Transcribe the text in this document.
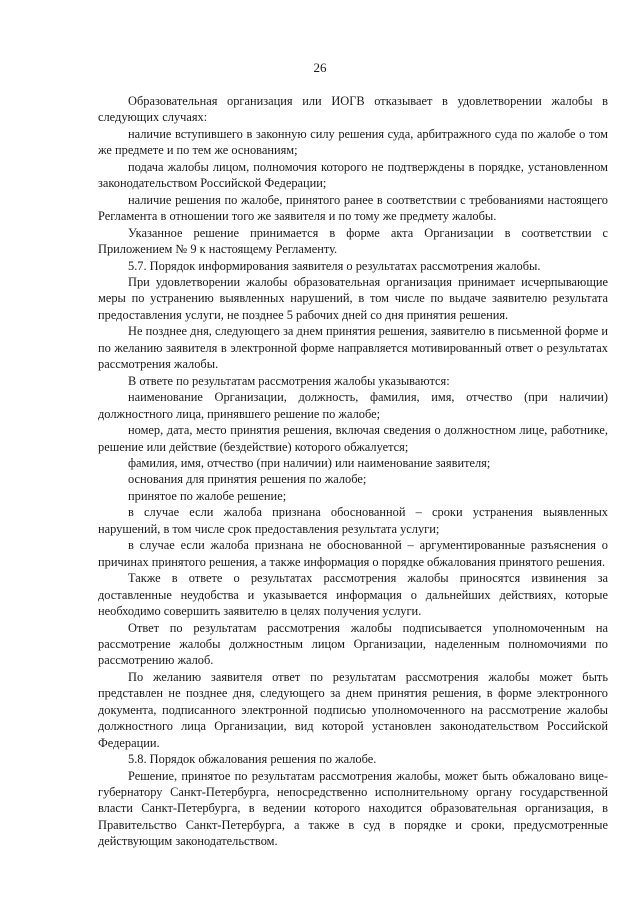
26

Образовательная организация или ИОГВ отказывает в удовлетворении жалобы в следующих случаях:

наличие вступившего в законную силу решения суда, арбитражного суда по жалобе о том же предмете и по тем же основаниям;

подача жалобы лицом, полномочия которого не подтверждены в порядке, установленном законодательством Российской Федерации;

наличие решения по жалобе, принятого ранее в соответствии с требованиями настоящего Регламента в отношении того же заявителя и по тому же предмету жалобы.

Указанное решение принимается в форме акта Организации в соответствии с Приложением № 9 к настоящему Регламенту.

5.7. Порядок информирования заявителя о результатах рассмотрения жалобы.

При удовлетворении жалобы образовательная организация принимает исчерпывающие меры по устранению выявленных нарушений, в том числе по выдаче заявителю результата предоставления услуги, не позднее 5 рабочих дней со дня принятия решения.

Не позднее дня, следующего за днем принятия решения, заявителю в письменной форме и по желанию заявителя в электронной форме направляется мотивированный ответ о результатах рассмотрения жалобы.

В ответе по результатам рассмотрения жалобы указываются:

наименование Организации, должность, фамилия, имя, отчество (при наличии) должностного лица, принявшего решение по жалобе;

номер, дата, место принятия решения, включая сведения о должностном лице, работнике, решение или действие (бездействие) которого обжалуется;

фамилия, имя, отчество (при наличии) или наименование заявителя;

основания для принятия решения по жалобе;

принятое по жалобе решение;

в случае если жалоба признана обоснованной – сроки устранения выявленных нарушений, в том числе срок предоставления результата услуги;

в случае если жалоба признана не обоснованной – аргументированные разъяснения о причинах принятого решения, а также информация о порядке обжалования принятого решения.

Также в ответе о результатах рассмотрения жалобы приносятся извинения за доставленные неудобства и указывается информация о дальнейших действиях, которые необходимо совершить заявителю в целях получения услуги.

Ответ по результатам рассмотрения жалобы подписывается уполномоченным на рассмотрение жалобы должностным лицом Организации, наделенным полномочиями по рассмотрению жалоб.

По желанию заявителя ответ по результатам рассмотрения жалобы может быть представлен не позднее дня, следующего за днем принятия решения, в форме электронного документа, подписанного электронной подписью уполномоченного на рассмотрение жалобы должностного лица Организации, вид которой установлен законодательством Российской Федерации.

5.8. Порядок обжалования решения по жалобе.

Решение, принятое по результатам рассмотрения жалобы, может быть обжаловано вице-губернатору Санкт-Петербурга, непосредственно исполнительному органу государственной власти Санкт-Петербурга, в ведении которого находится образовательная организация, в Правительство Санкт-Петербурга, а также в суд в порядке и сроки, предусмотренные действующим законодательством.
